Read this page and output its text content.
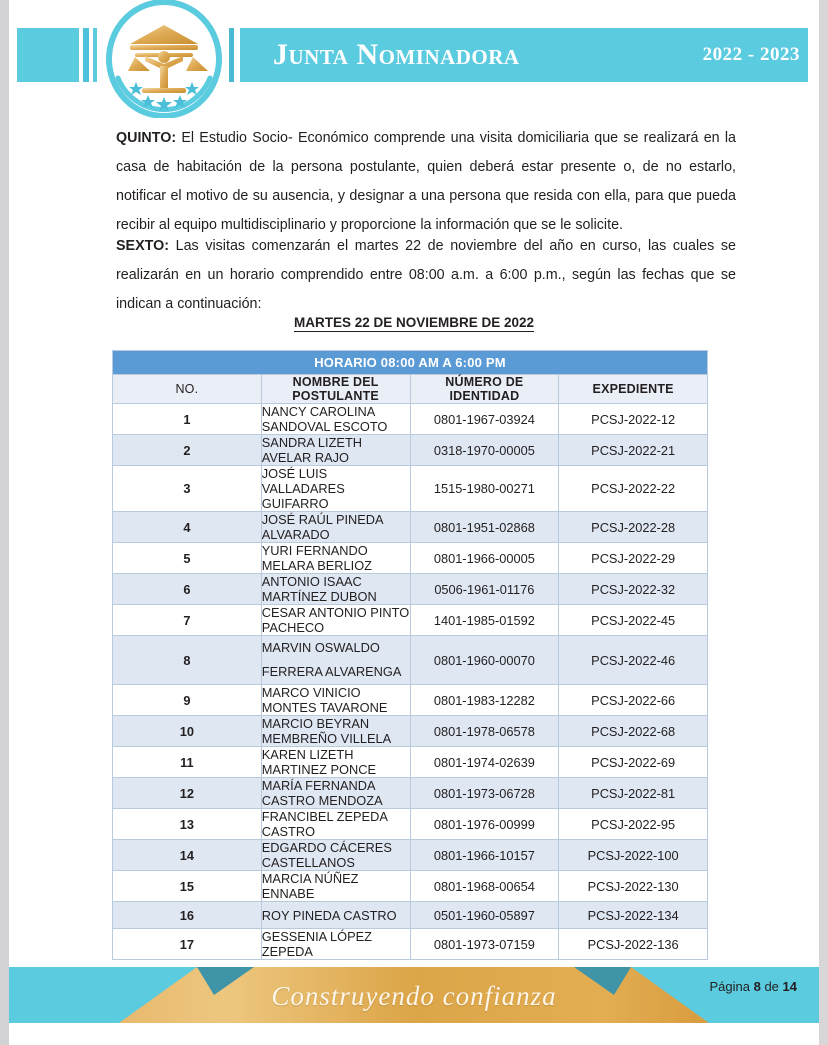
Junta Nominadora	2022 - 2023
QUINTO: El Estudio Socio- Económico comprende una visita domiciliaria que se realizará en la casa de habitación de la persona postulante, quien deberá estar presente o, de no estarlo, notificar el motivo de su ausencia, y designar a una persona que resida con ella, para que pueda recibir al equipo multidisciplinario y proporcione la información que se le solicite.
SEXTO: Las visitas comenzarán el martes 22 de noviembre del año en curso, las cuales se realizarán en un horario comprendido entre 08:00 a.m. a 6:00 p.m., según las fechas que se indican a continuación:
MARTES 22 DE NOVIEMBRE DE 2022
HORARIO 08:00 AM A 6:00 PM			
NO.	NOMBRE DEL POSTULANTE	NÚMERO DE IDENTIDAD	EXPEDIENTE
1	NANCY CAROLINA SANDOVAL ESCOTO	0801-1967-03924	PCSJ-2022-12
2	SANDRA LIZETH AVELAR RAJO	0318-1970-00005	PCSJ-2022-21
3	JOSÉ LUIS VALLADARES GUIFARRO	1515-1980-00271	PCSJ-2022-22
4	JOSÉ RAÚL PINEDA ALVARADO	0801-1951-02868	PCSJ-2022-28
5	YURI FERNANDO MELARA BERLIOZ	0801-1966-00005	PCSJ-2022-29
6	ANTONIO ISAAC MARTÍNEZ DUBON	0506-1961-01176	PCSJ-2022-32
7	CESAR ANTONIO PINTO PACHECO	1401-1985-01592	PCSJ-2022-45
8	MARVIN OSWALDO FERRERA ALVARENGA	0801-1960-00070	PCSJ-2022-46
9	MARCO VINICIO MONTES TAVARONE	0801-1983-12282	PCSJ-2022-66
10	MARCIO BEYRAN MEMBREÑO VILLELA	0801-1978-06578	PCSJ-2022-68
11	KAREN LIZETH MARTINEZ PONCE	0801-1974-02639	PCSJ-2022-69
12	MARÍA FERNANDA CASTRO MENDOZA	0801-1973-06728	PCSJ-2022-81
13	FRANCIBEL ZEPEDA CASTRO	0801-1976-00999	PCSJ-2022-95
14	EDGARDO CÁCERES CASTELLANOS	0801-1966-10157	PCSJ-2022-100
15	MARCIA NÚÑEZ ENNABE	0801-1968-00654	PCSJ-2022-130
16	ROY PINEDA CASTRO	0501-1960-05897	PCSJ-2022-134
17	GESSENIA LÓPEZ ZEPEDA	0801-1973-07159	PCSJ-2022-136
Construyendo confianza	Página 8 de 14
